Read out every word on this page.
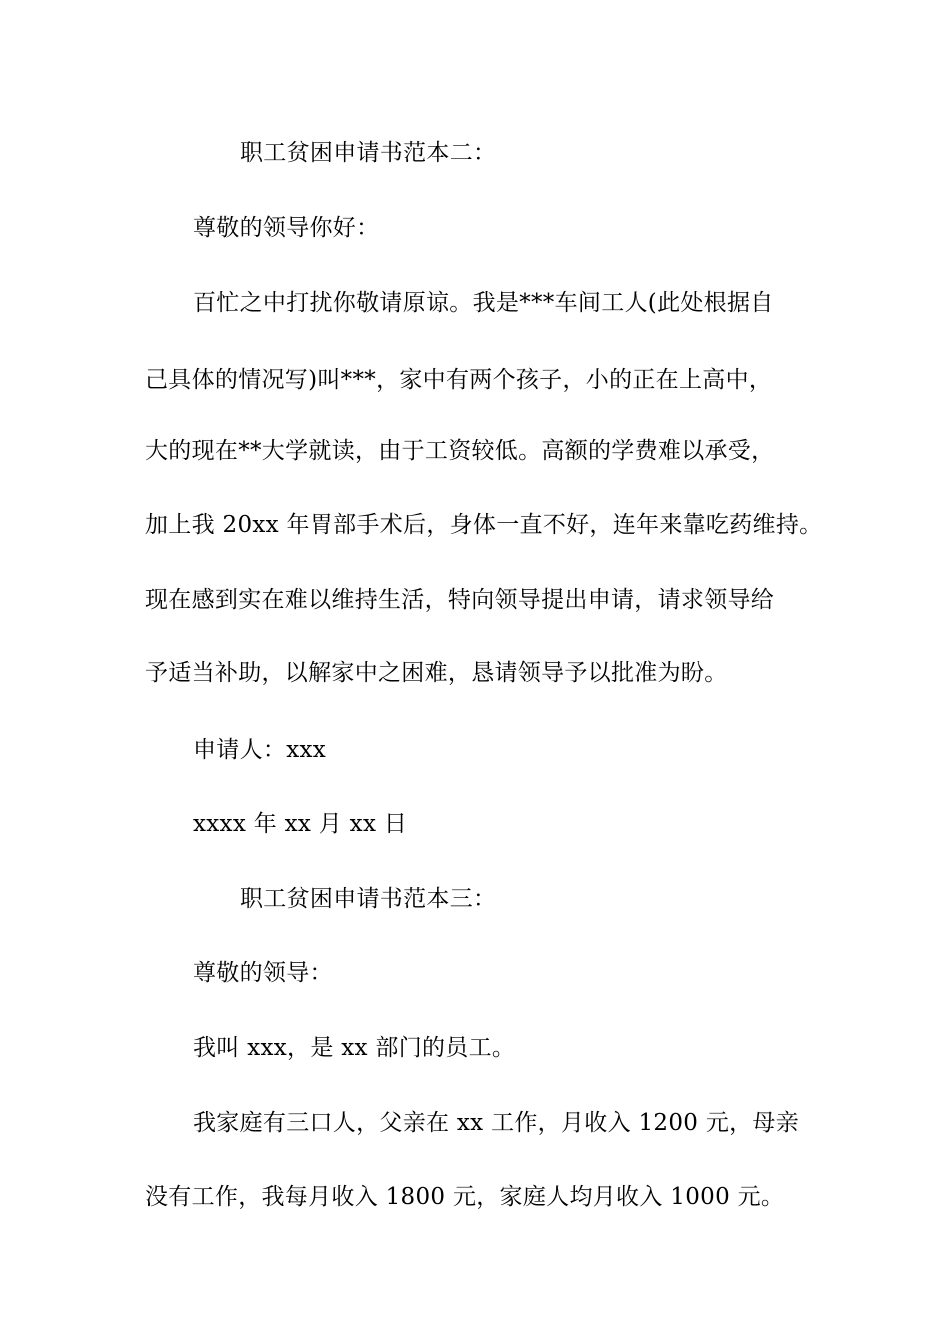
职工贫困申请书范本二：
尊敬的领导你好：
百忙之中打扰你敬请原谅。我是***车间工人(此处根据自
己具体的情况写)叫***，家中有两个孩子，小的正在上高中，
大的现在**大学就读，由于工资较低。高额的学费难以承受，
加上我 20xx 年胃部手术后，身体一直不好，连年来靠吃药维持。
现在感到实在难以维持生活，特向领导提出申请，请求领导给
予适当补助，以解家中之困难，恳请领导予以批准为盼。
申请人：xxx
xxxx 年 xx 月 xx 日
职工贫困申请书范本三：
尊敬的领导：
我叫 xxx，是 xx 部门的员工。
我家庭有三口人，父亲在 xx 工作，月收入 1200 元，母亲
没有工作，我每月收入 1800 元，家庭人均月收入 1000 元。
